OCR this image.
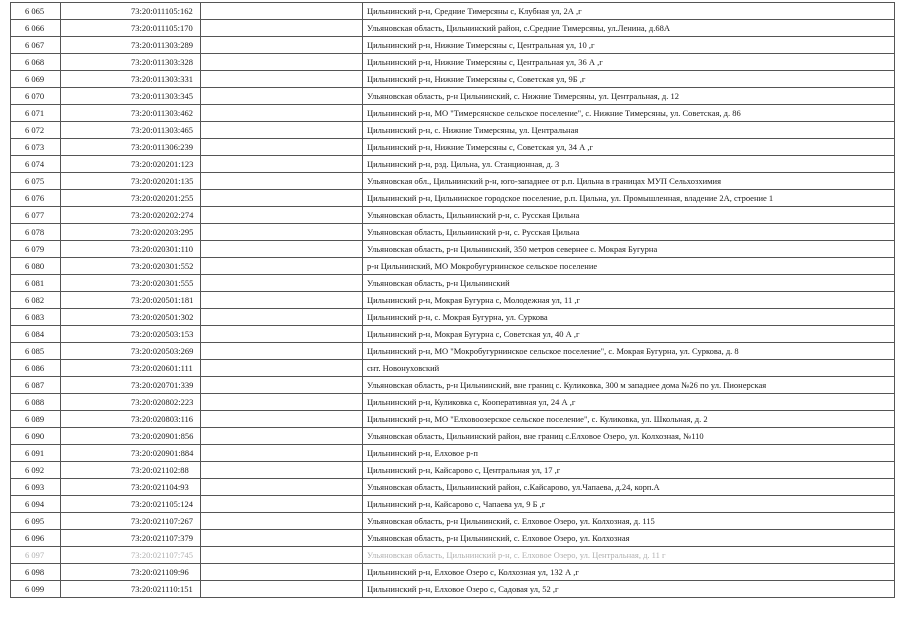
6 065	73:20:011105:162		Цильнинский р-н, Средние Тимерсяны с, Клубная ул, 2А ,г
6 066	73:20:011105:170		Ульяновская область, Цильнинский район, с.Средние Тимерсяны, ул.Ленина, д.68А
6 067	73:20:011303:289		Цильнинский р-н, Нижние Тимерсяны с, Центральная ул, 10 ,г
6 068	73:20:011303:328		Цильнинский р-н, Нижние Тимерсяны с, Центральная ул, 36 А ,г
6 069	73:20:011303:331		Цильнинский р-н, Нижние Тимерсяны с, Советская ул, 9Б ,г
6 070	73:20:011303:345		Ульяновская область, р-н Цильнинский, с. Нижние Тимерсяны, ул. Центральная, д. 12
6 071	73:20:011303:462		Цильнинский р-н, МО "Тимерсянское сельское поселение", с. Нижние Тимерсяны, ул. Советская, д. 86
6 072	73:20:011303:465		Цильнинский р-н, с. Нижние Тимерсяны, ул. Центральная
6 073	73:20:011306:239		Цильнинский р-н, Нижние Тимерсяны с, Советская ул, 34 А ,г
6 074	73:20:020201:123		Цильнинский р-н, рзд. Цильна, ул. Станционная, д. 3
6 075	73:20:020201:135		Ульяновская обл., Цильнинский р-н, юго-западнее от р.п. Цильна в границах МУП Сельхозхимия
6 076	73:20:020201:255		Цильнинский р-н, Цильнинское городское поселение, р.п. Цильна, ул. Промышленная, владение 2А, строение 1
6 077	73:20:020202:274		Ульяновская область, Цильнинский р-н, с. Русская Цильна
6 078	73:20:020203:295		Ульяновская область, Цильнинский р-н, с. Русская Цильна
6 079	73:20:020301:110		Ульяновская область, р-н Цильнинский, 350 метров севернее с. Мокрая Бугурна
6 080	73:20:020301:552		р-н Цильнинский, МО Мокробугурнинское сельское поселение
6 081	73:20:020301:555		Ульяновская область, р-н Цильнинский
6 082	73:20:020501:181		Цильнинский р-н, Мокрая Бугурна с, Молодежная ул, 11 ,г
6 083	73:20:020501:302		Цильнинский р-н, с. Мокрая Бугурна, ул. Суркова
6 084	73:20:020503:153		Цильнинский р-н, Мокрая Бугурна с, Советская ул, 40 А ,г
6 085	73:20:020503:269		Цильнинский р-н, МО "Мокробугурнинское сельское поселение", с. Мокрая Бугурна, ул. Суркова, д. 8
6 086	73:20:020601:111		снт. Новонуховский
6 087	73:20:020701:339		Ульяновская область, р-н Цильнинский, вне границ с. Куликовка, 300 м западнее дома №26 по ул. Пионерская
6 088	73:20:020802:223		Цильнинский р-н, Куликовка с, Кооперативная ул, 24 А ,г
6 089	73:20:020803:116		Цильнинский р-н, МО "Елховоозерское сельское поселение", с. Куликовка, ул. Школьная, д. 2
6 090	73:20:020901:856		Ульяновская область, Цильнинский район, вне границ с.Елховое Озеро, ул. Колхозная, №110
6 091	73:20:020901:884		Цильнинский р-н, Елховое р-п
6 092	73:20:021102:88		Цильнинский р-н, Кайсарово с, Центральная ул, 17 ,г
6 093	73:20:021104:93		Ульяновская область, Цильнинский район, с.Кайсарово, ул.Чапаева, д.24, корп.А
6 094	73:20:021105:124		Цильнинский р-н, Кайсарово с, Чапаева ул, 9 Б ,г
6 095	73:20:021107:267		Ульяновская область, р-н Цильнинский, с. Елховое Озеро, ул. Колхозная, д. 115
6 096	73:20:021107:379		Ульяновская область, р-н Цильнинский, с. Елховое Озеро, ул. Колхозная
6 097	73:20:021107:745		Ульяновская область, Цильнинский р-н, с. Елховое Озеро, ул. Центральная, д. 11 г
6 098	73:20:021109:96		Цильнинский р-н, Елховое Озеро с, Колхозная ул, 132 А ,г
6 099	73:20:021110:151		Цильнинский р-н, Елховое Озеро с, Садовая ул, 52 ,г
